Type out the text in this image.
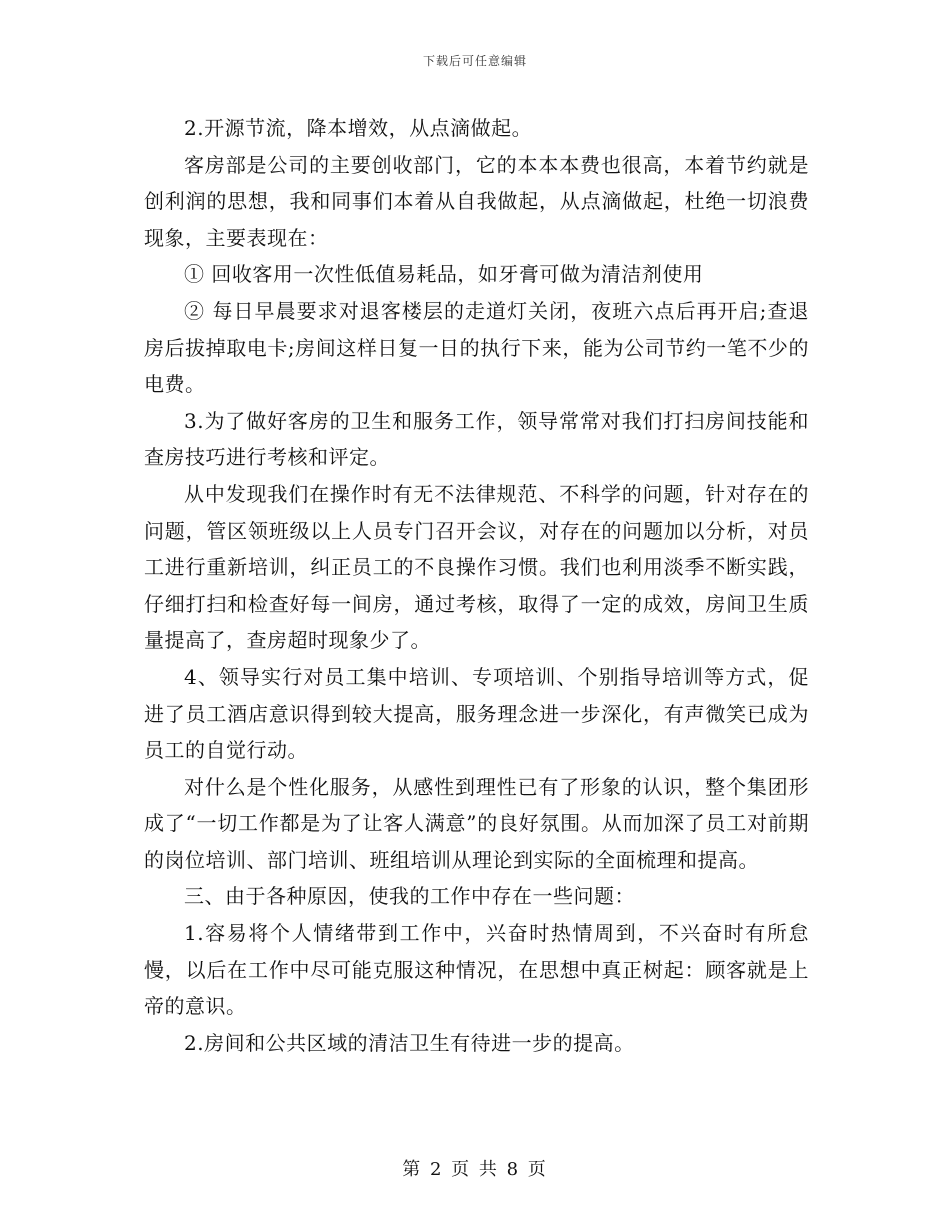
下载后可任意编辑

2.开源节流，降本增效，从点滴做起。

客房部是公司的主要创收部门，它的本本本费也很高，本着节约就是创利润的思想，我和同事们本着从自我做起，从点滴做起，杜绝一切浪费现象，主要表现在：

① 回收客用一次性低值易耗品，如牙膏可做为清洁剂使用

② 每日早晨要求对退客楼层的走道灯关闭，夜班六点后再开启;查退房后拔掉取电卡;房间这样日复一日的执行下来，能为公司节约一笔不少的电费。

3.为了做好客房的卫生和服务工作，领导常常对我们打扫房间技能和查房技巧进行考核和评定。

从中发现我们在操作时有无不法律规范、不科学的问题，针对存在的问题，管区领班级以上人员专门召开会议，对存在的问题加以分析，对员工进行重新培训，纠正员工的不良操作习惯。我们也利用淡季不断实践，仔细打扫和检查好每一间房，通过考核，取得了一定的成效，房间卫生质量提高了，查房超时现象少了。

4、领导实行对员工集中培训、专项培训、个别指导培训等方式，促进了员工酒店意识得到较大提高，服务理念进一步深化，有声微笑已成为员工的自觉行动。

对什么是个性化服务，从感性到理性已有了形象的认识，整个集团形成了“一切工作都是为了让客人满意”的良好氛围。从而加深了员工对前期的岗位培训、部门培训、班组培训从理论到实际的全面梳理和提高。

三、由于各种原因，使我的工作中存在一些问题：

1.容易将个人情绪带到工作中，兴奋时热情周到，不兴奋时有所怠慢，以后在工作中尽可能克服这种情况，在思想中真正树起：顾客就是上帝的意识。

2.房间和公共区域的清洁卫生有待进一步的提高。

第 2 页 共 8 页
